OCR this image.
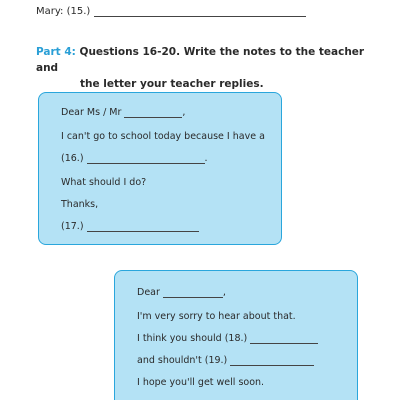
Mary: (15.)
Part 4: Questions 16-20. Write the notes to the teacher and
the letter your teacher replies.
Dear Ms / Mr	,
I can't go to school today because I have a
(16.)	.
What should I do?
Thanks,
(17.)
Dear	,
I'm very sorry to hear about that.
I think you should (18.)
and shouldn't (19.)
I hope you'll get well soon.
